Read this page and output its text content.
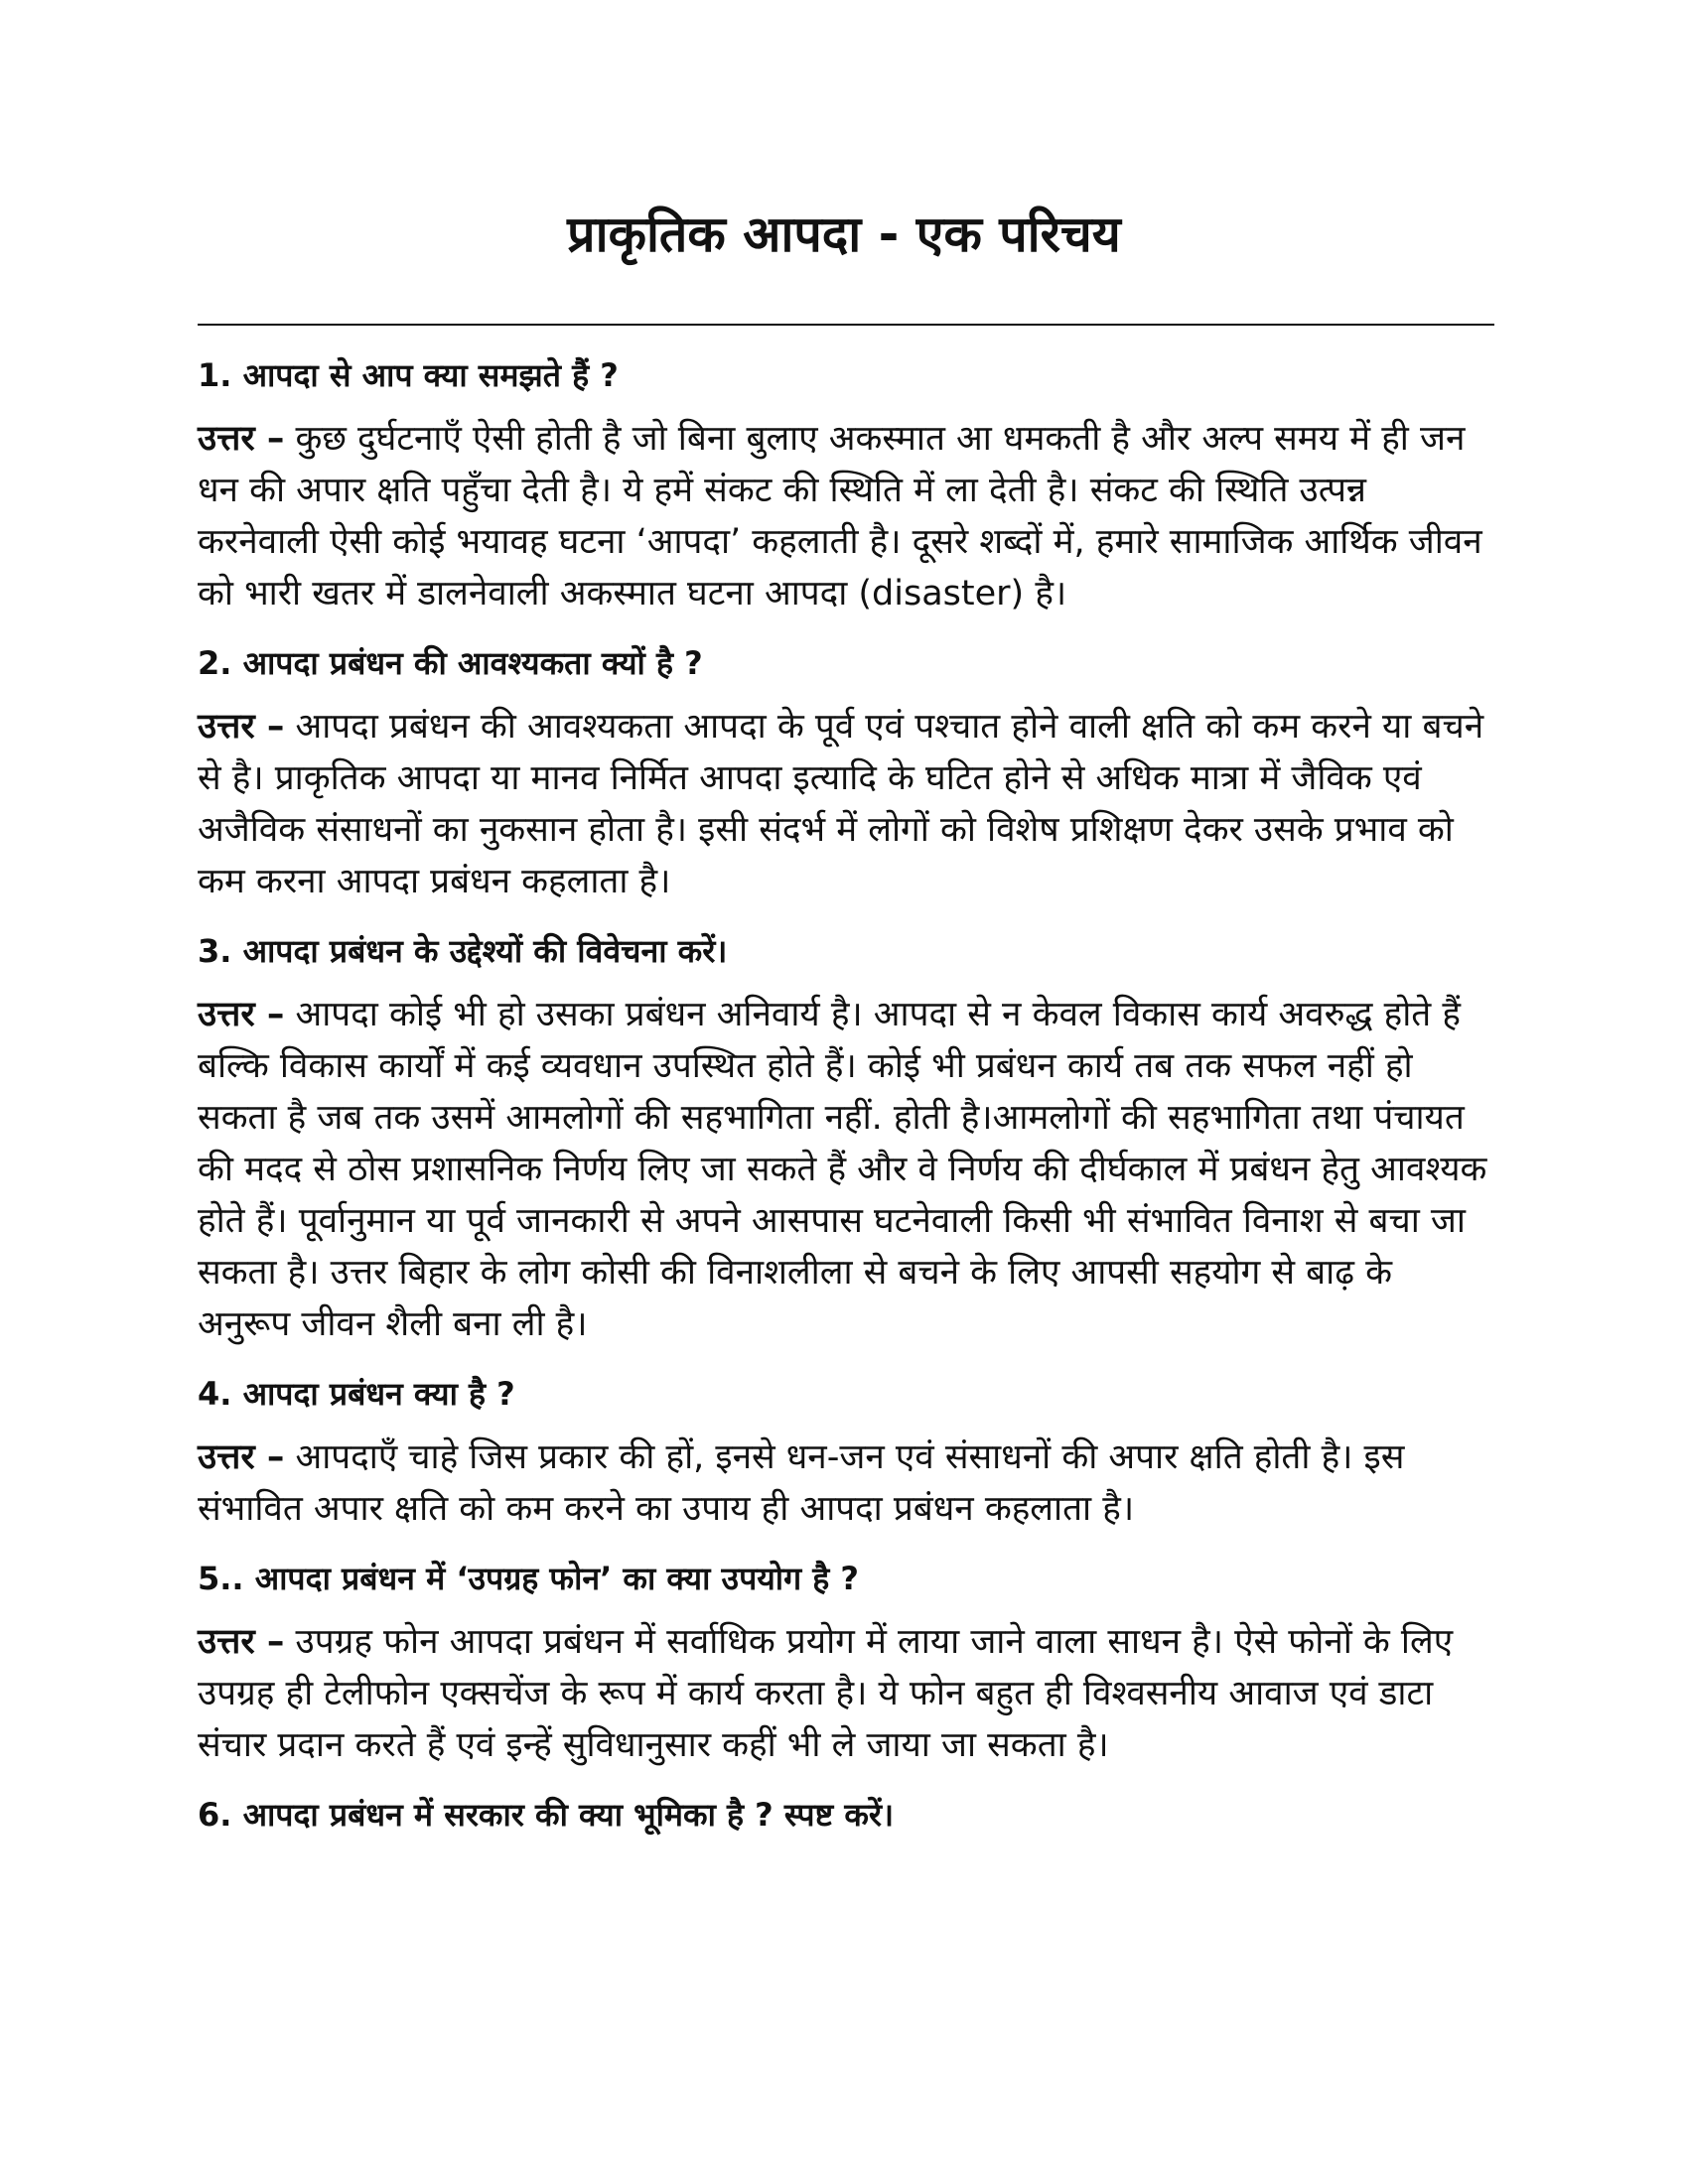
प्राकृतिक आपदा - एक परिचय

1. आपदा से आप क्या समझते हैं ?

उत्तर – कुछ दुर्घटनाएँ ऐसी होती है जो बिना बुलाए अकस्मात आ धमकती है और अल्प समय में ही जन धन की अपार क्षति पहुँचा देती है। ये हमें संकट की स्थिति में ला देती है। संकट की स्थिति उत्पन्न करनेवाली ऐसी कोई भयावह घटना ‘आपदा’ कहलाती है। दूसरे शब्दों में, हमारे सामाजिक आर्थिक जीवन को भारी खतर में डालनेवाली अकस्मात घटना आपदा (disaster) है।

2. आपदा प्रबंधन की आवश्यकता क्यों है ?

उत्तर – आपदा प्रबंधन की आवश्यकता आपदा के पूर्व एवं पश्चात होने वाली क्षति को कम करने या बचने से है। प्राकृतिक आपदा या मानव निर्मित आपदा इत्यादि के घटित होने से अधिक मात्रा में जैविक एवं अजैविक संसाधनों का नुकसान होता है। इसी संदर्भ में लोगों को विशेष प्रशिक्षण देकर उसके प्रभाव को कम करना आपदा प्रबंधन कहलाता है।

3. आपदा प्रबंधन के उद्देश्यों की विवेचना करें।

उत्तर – आपदा कोई भी हो उसका प्रबंधन अनिवार्य है। आपदा से न केवल विकास कार्य अवरुद्ध होते हैं बल्कि विकास कार्यों में कई व्यवधान उपस्थित होते हैं। कोई भी प्रबंधन कार्य तब तक सफल नहीं हो सकता है जब तक उसमें आमलोगों की सहभागिता नहीं. होती है।आमलोगों की सहभागिता तथा पंचायत की मदद से ठोस प्रशासनिक निर्णय लिए जा सकते हैं और वे निर्णय की दीर्घकाल में प्रबंधन हेतु आवश्यक होते हैं। पूर्वानुमान या पूर्व जानकारी से अपने आसपास घटनेवाली किसी भी संभावित विनाश से बचा जा सकता है। उत्तर बिहार के लोग कोसी की विनाशलीला से बचने के लिए आपसी सहयोग से बाढ़ के अनुरूप जीवन शैली बना ली है।

4. आपदा प्रबंधन क्या है ?

उत्तर – आपदाएँ चाहे जिस प्रकार की हों, इनसे धन-जन एवं संसाधनों की अपार क्षति होती है। इस संभावित अपार क्षति को कम करने का उपाय ही आपदा प्रबंधन कहलाता है।

5.. आपदा प्रबंधन में ‘उपग्रह फोन’ का क्या उपयोग है ?

उत्तर – उपग्रह फोन आपदा प्रबंधन में सर्वाधिक प्रयोग में लाया जाने वाला साधन है। ऐसे फोनों के लिए उपग्रह ही टेलीफोन एक्सचेंज के रूप में कार्य करता है। ये फोन बहुत ही विश्वसनीय आवाज एवं डाटा संचार प्रदान करते हैं एवं इन्हें सुविधानुसार कहीं भी ले जाया जा सकता है।

6. आपदा प्रबंधन में सरकार की क्या भूमिका है ? स्पष्ट करें।
